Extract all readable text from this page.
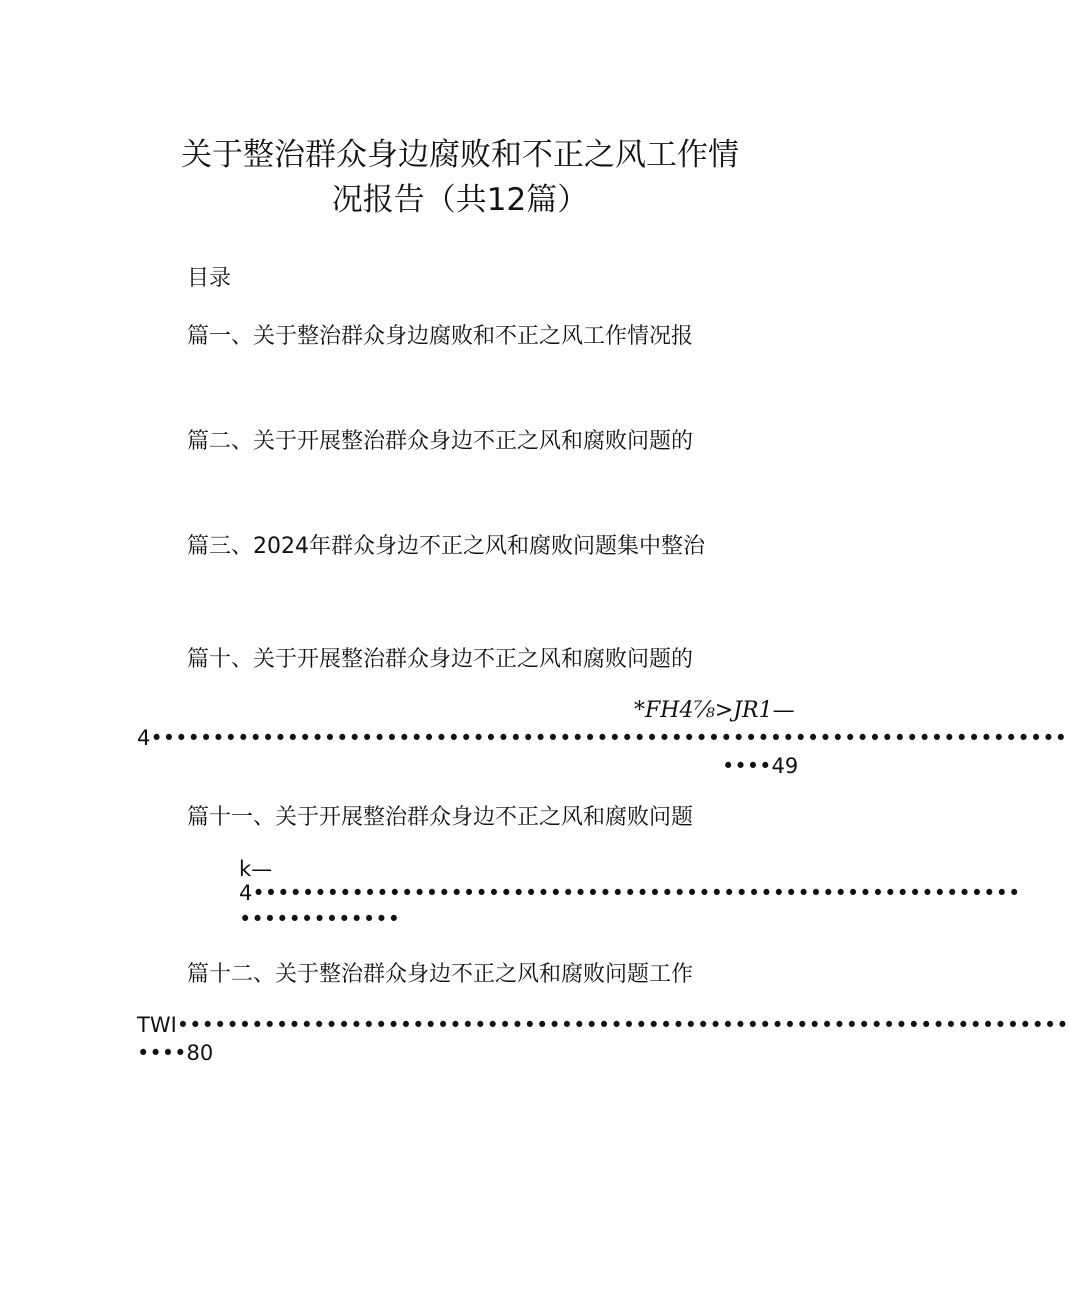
关于整治群众身边腐败和不正之风工作情
况报告（共12篇）
目录
篇一、关于整治群众身边腐败和不正之风工作情况报
篇二、关于开展整治群众身边不正之风和腐败问题的
篇三、2024年群众身边不正之风和腐败问题集中整治
篇十、关于开展整治群众身边不正之风和腐败问题的
*FH4⅞>JR1—
4••••••••••••••••••••••••••••••••••••••••••••••••••••••••••••••••••••••••••
••••49
篇十一、关于开展整治群众身边不正之风和腐败问题
k—
4••••••••••••••••••••••••••••••••••••••••••••••••••••••••••••••
•••••••••••••
篇十二、关于整治群众身边不正之风和腐败问题工作
TWI••••••••••••••••••••••••••••••••••••••••••••••••••••••••••••••••••••••••
••••80
